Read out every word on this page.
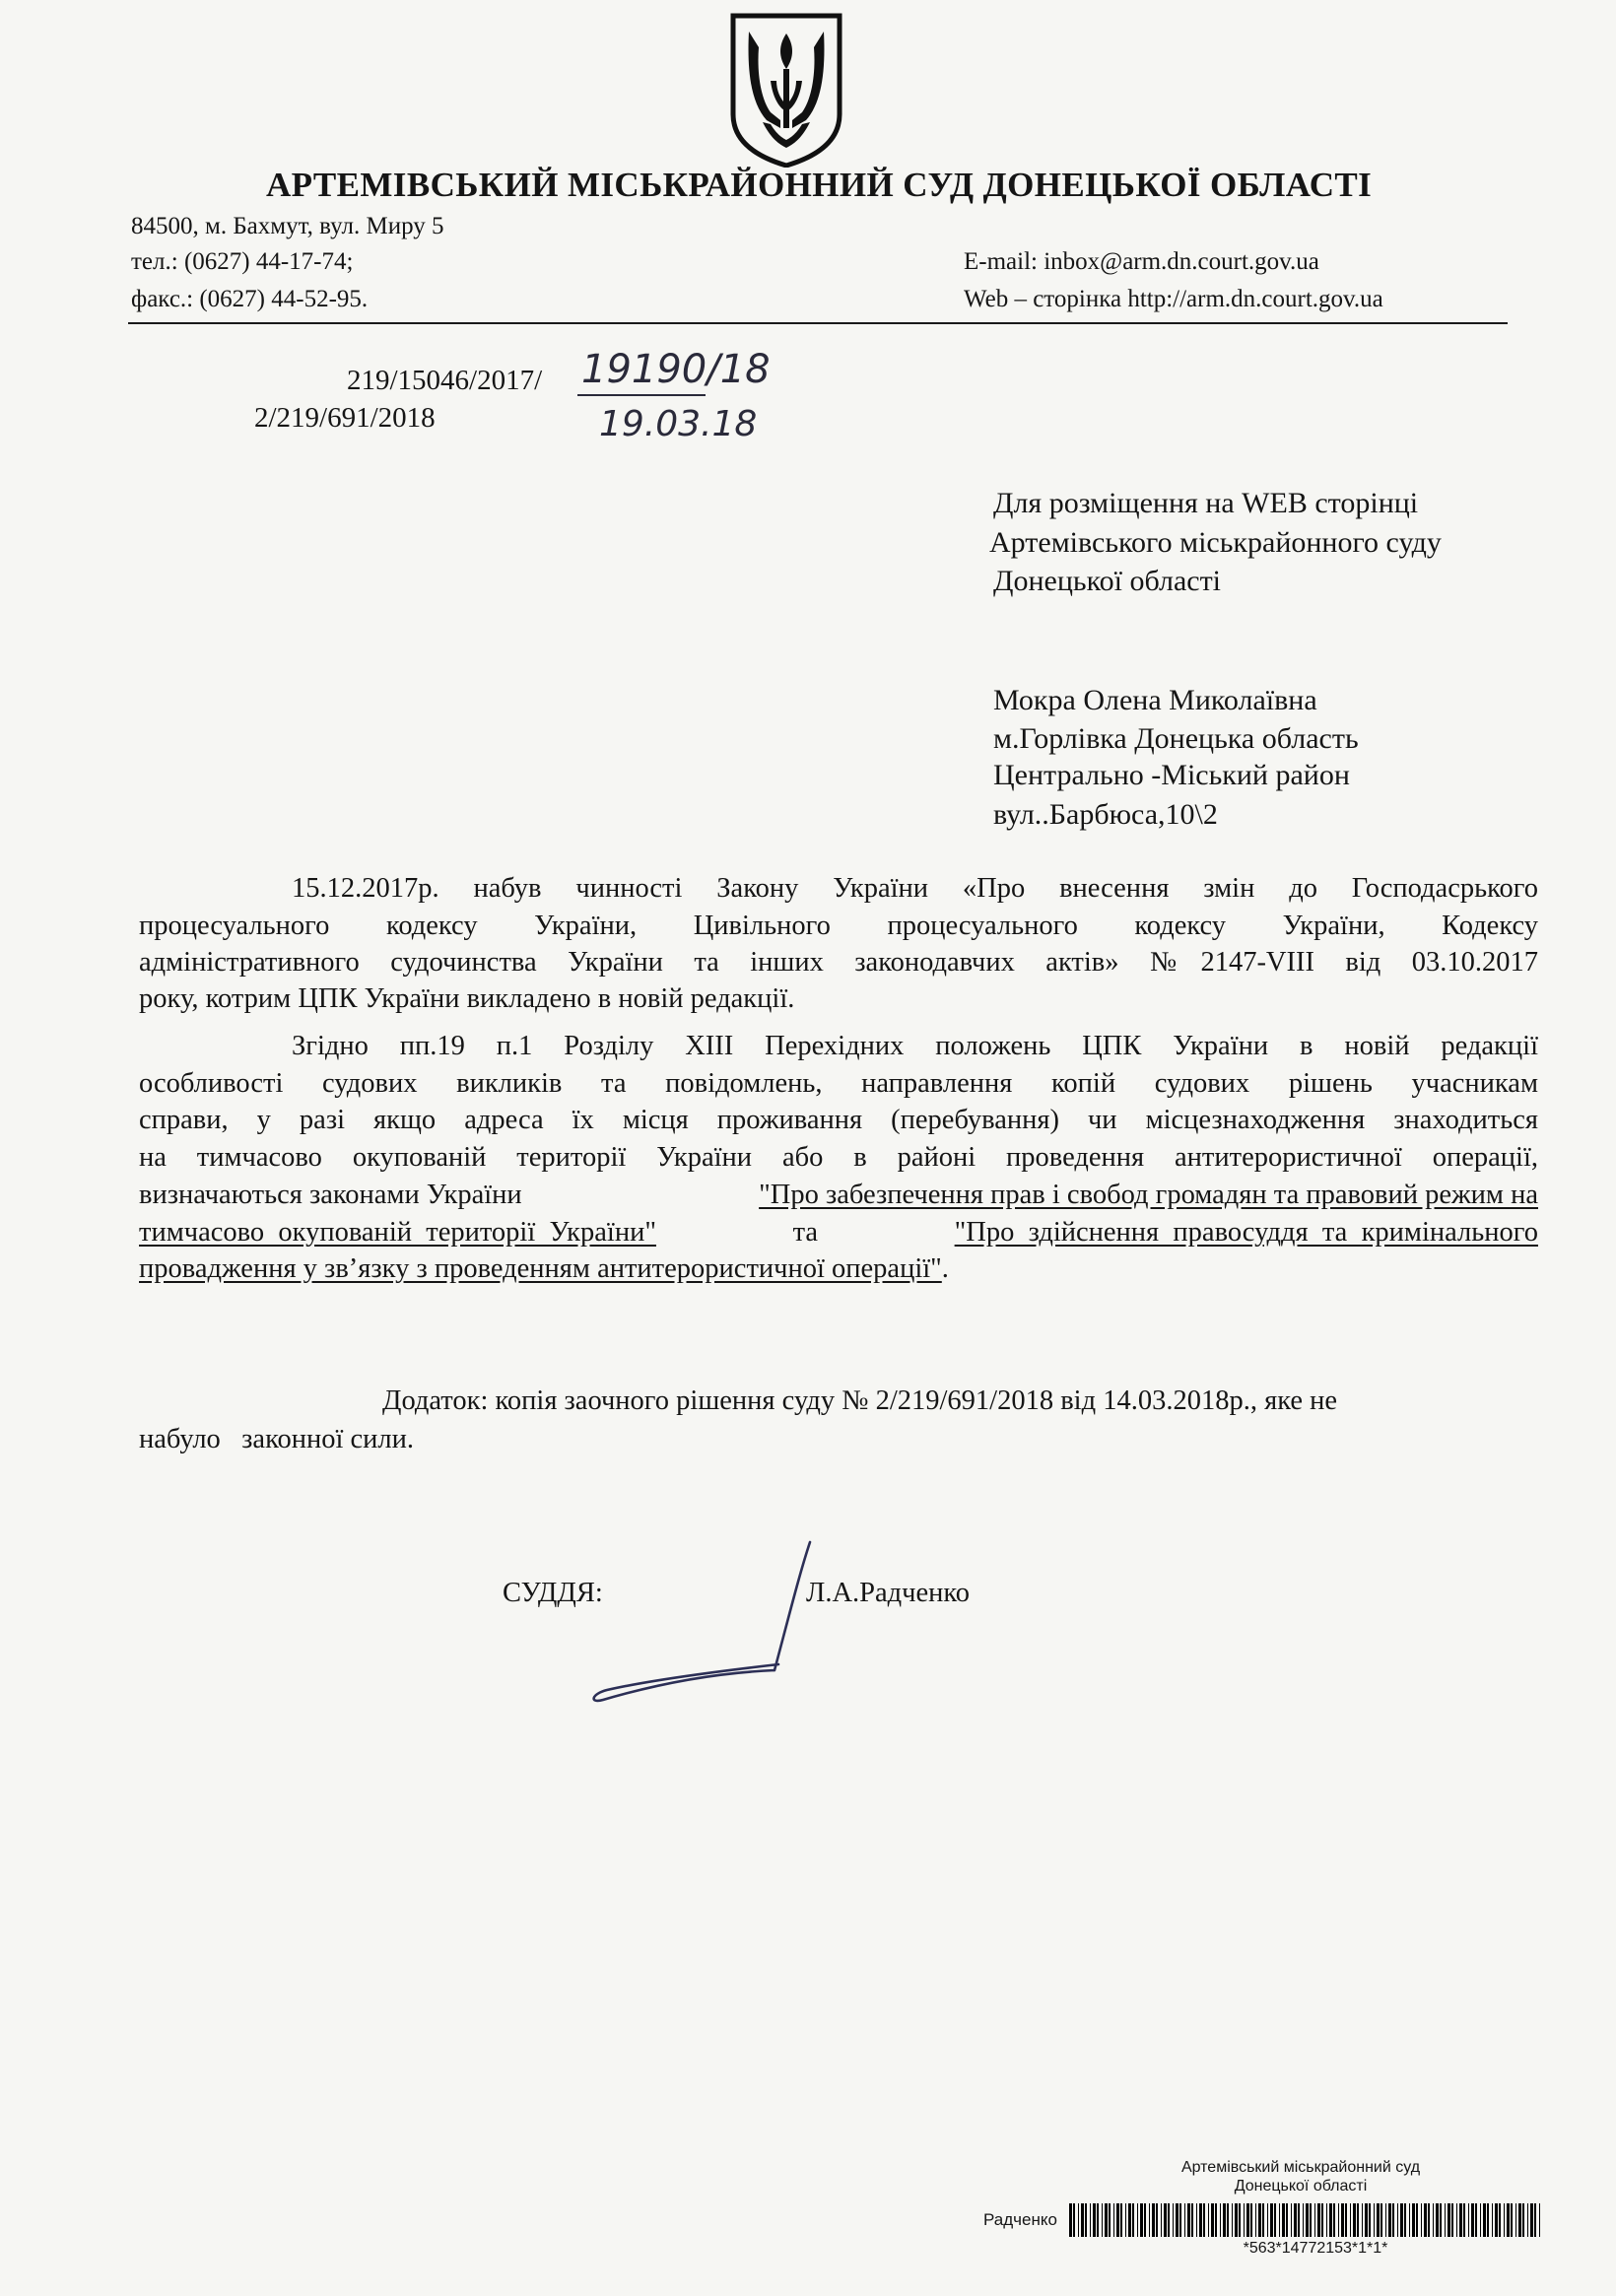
АРТЕМІВСЬКИЙ МІСЬКРАЙОННИЙ СУД ДОНЕЦЬКОЇ ОБЛАСТІ
84500, м. Бахмут, вул. Миру 5
тел.: (0627) 44-17-74;
факс.: (0627) 44-52-95.
E-mail: inbox@arm.dn.court.gov.ua
Web – сторінка http://arm.dn.court.gov.ua
219/15046/2017/ 19190/18
2/219/691/2018	19.03.18
Для розміщення на WEB сторінці
Артемівського міськрайонного суду
Донецької області
Мокра Олена Миколаївна
м.Горлівка Донецька область
Центрально -Міський район
вул..Барбюса,10\2
15.12.2017р. набув чинності Закону України «Про внесення змін до Господасрького
процесуального кодексу України, Цивільного процесуального кодексу України, Кодексу
адміністративного судочинства України та інших законодавчих актів» №2147-VIII від 03.10.2017
року, котрим ЦПК України викладено в новій редакції.
Згідно пп.19 п.1 Розділу ХІІІ Перехідних положень ЦПК України в новій редакції
особливості судових викликів та повідомлень, направлення копій судових рішень учасникам
справи, у разі якщо адреса їх місця проживання (перебування) чи місцезнаходження знаходиться
на тимчасово окупованій території України або в районі проведення антитерористичної операції,
визначаються законами України	"Про забезпечення прав і свобод громадян та правовий режим на
тимчасово  окупованій  території  України"	та	"Про  здійснення  правосуддя  та  кримінального
провадження у зв’язку з проведенням антитерористичної операції".
Додаток: копія заочного рішення суду № 2/219/691/2018 від 14.03.2018р., яке не
набуло   законної сили.
СУДДЯ:	Л.А.Радченко
Артемівський міськрайонний суд
Донецької області
Радченко
*563*14772153*1*1*
